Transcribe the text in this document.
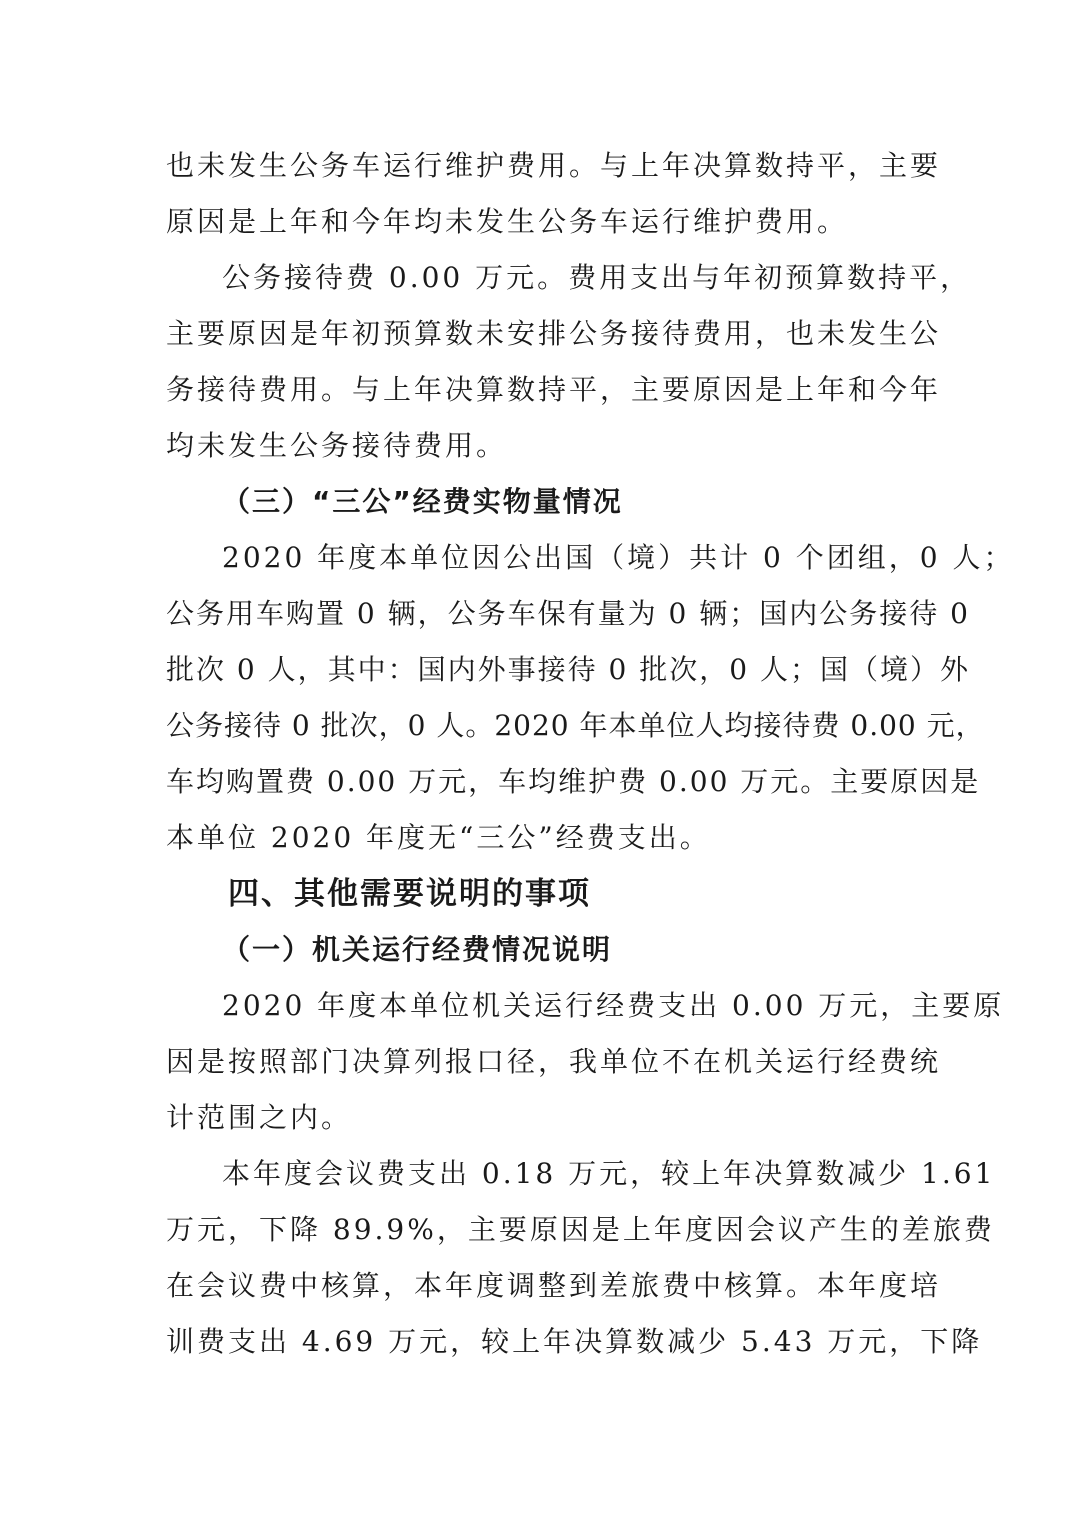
也未发生公务车运行维护费用。与上年决算数持平，主要
原因是上年和今年均未发生公务车运行维护费用。
公务接待费 0.00 万元。费用支出与年初预算数持平，
主要原因是年初预算数未安排公务接待费用，也未发生公
务接待费用。与上年决算数持平，主要原因是上年和今年
均未发生公务接待费用。
（三）“三公”经费实物量情况
2020 年度本单位因公出国（境）共计 0 个团组，0 人；
公务用车购置 0 辆，公务车保有量为 0 辆；国内公务接待 0
批次 0 人，其中：国内外事接待 0 批次，0 人；国（境）外
公务接待 0 批次，0 人。2020 年本单位人均接待费 0.00 元，
车均购置费 0.00 万元，车均维护费 0.00 万元。主要原因是
本单位 2020 年度无“三公”经费支出。
四、其他需要说明的事项
（一）机关运行经费情况说明
2020 年度本单位机关运行经费支出 0.00 万元，主要原
因是按照部门决算列报口径，我单位不在机关运行经费统
计范围之内。
本年度会议费支出 0.18 万元，较上年决算数减少 1.61
万元，下降 89.9%，主要原因是上年度因会议产生的差旅费
在会议费中核算，本年度调整到差旅费中核算。本年度培
训费支出 4.69 万元，较上年决算数减少 5.43 万元，下降
